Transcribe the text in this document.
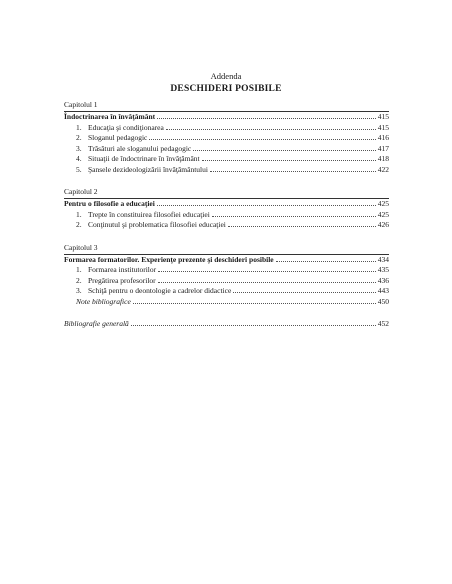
Addenda
DESCHIDERI POSIBILE
Capitolul 1
Îndoctrinarea în învăţământ	415
1. Educaţia şi condiţionarea	415
2. Sloganul pedagogic	416
3. Trăsături ale sloganului pedagogic	417
4. Situaţii de îndoctrinare în învăţământ	418
5. Şansele dezideologizării învăţământului	422
Capitolul 2
Pentru o filosofie a educaţiei	425
1. Trepte în constituirea filosofiei educaţiei	425
2. Conţinutul şi problematica filosofiei educaţiei	426
Capitolul 3
Formarea formatorilor. Experienţe prezente şi deschideri posibile	434
1. Formarea institutorilor	435
2. Pregătirea profesorilor	436
3. Schiţă pentru o deontologie a cadrelor didactice	443
Note bibliografice	450
Bibliografie generală	452
